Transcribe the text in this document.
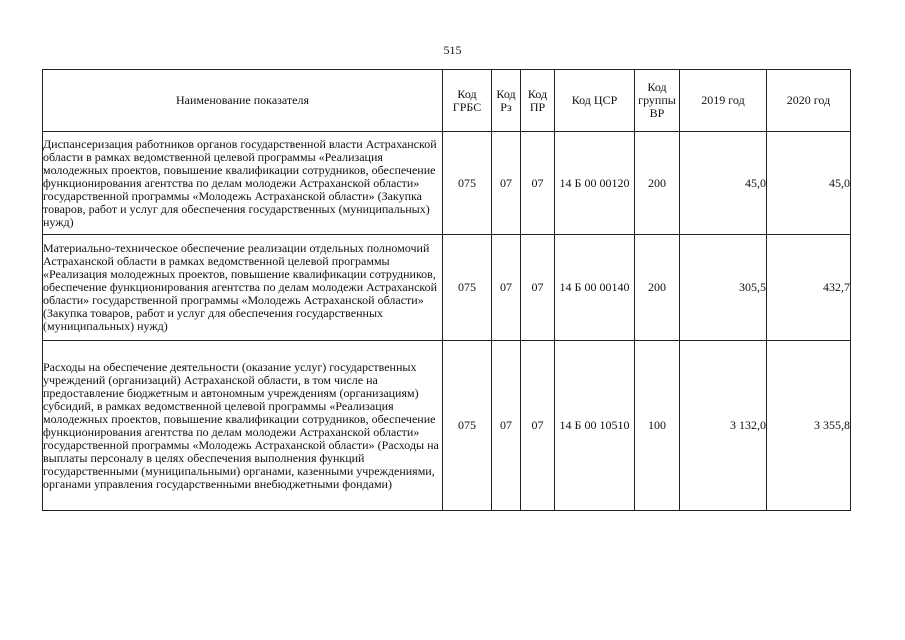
515
Наименование показателя	Код ГРБС	Код Рз	Код ПР	Код ЦСР	Код группы ВР	2019 год	2020 год
Диспансеризация работников органов государственной власти Астраханской области в рамках ведомственной целевой программы «Реализация молодежных проектов, повышение квалификации сотрудников, обеспечение функционирования агентства по делам молодежи Астраханской области» государственной программы «Молодежь Астраханской области» (Закупка товаров, работ и услуг для обеспечения государственных (муниципальных) нужд)	075	07	07	14 Б 00 00120	200	45,0	45,0
Материально-техническое обеспечение реализации отдельных полномочий Астраханской области в рамках ведомственной целевой программы «Реализация молодежных проектов, повышение квалификации сотрудников, обеспечение функционирования агентства по делам молодежи Астраханской области» государственной программы «Молодежь Астраханской области» (Закупка товаров, работ и услуг для обеспечения государственных (муниципальных) нужд)	075	07	07	14 Б 00 00140	200	305,5	432,7
Расходы на обеспечение деятельности (оказание услуг) государственных учреждений (организаций) Астраханской области, в том числе на предоставление бюджетным и автономным учреждениям (организациям) субсидий, в рамках ведомственной целевой программы «Реализация молодежных проектов, повышение квалификации сотрудников, обеспечение функционирования агентства по делам молодежи Астраханской области» государственной программы «Молодежь Астраханской области» (Расходы на выплаты персоналу в целях обеспечения выполнения функций государственными (муниципальными) органами, казенными учреждениями, органами управления государственными внебюджетными фондами)	075	07	07	14 Б 00 10510	100	3 132,0	3 355,8
